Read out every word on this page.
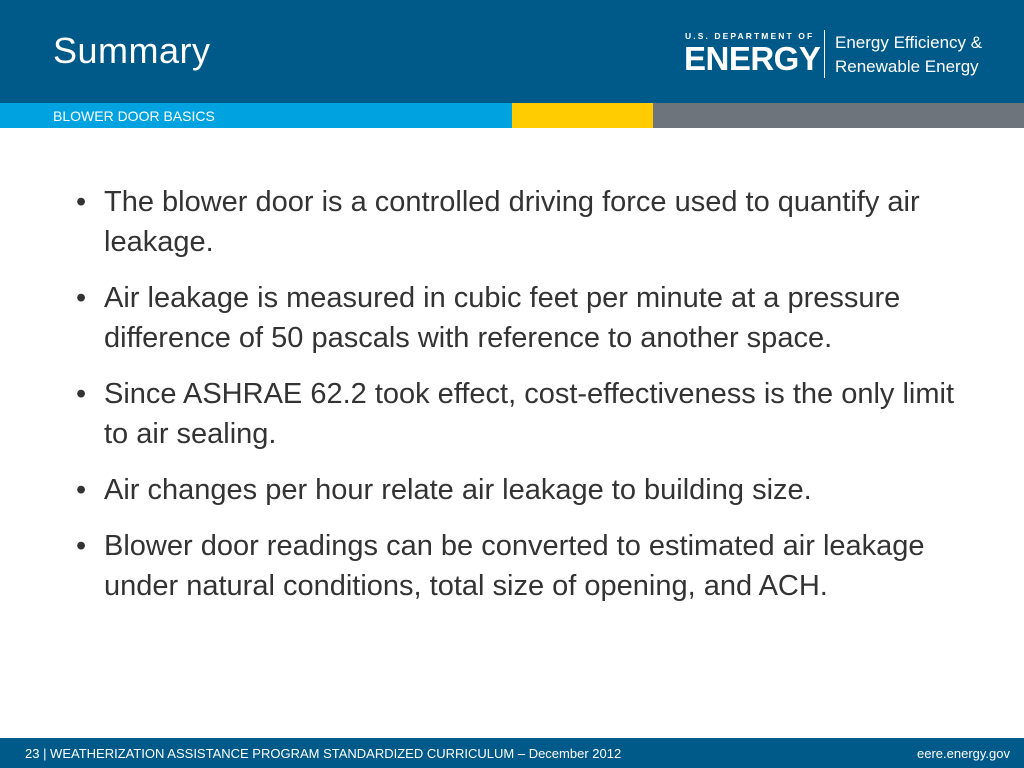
Summary	U.S. DEPARTMENT OF
ENERGY Energy Efficiency &
Renewable Energy
BLOWER DOOR BASICS
• The blower door is a controlled driving force used to quantify air leakage.
• Air leakage is measured in cubic feet per minute at a pressure difference of 50 pascals with reference to another space.
• Since ASHRAE 62.2 took effect, cost-effectiveness is the only limit to air sealing.
• Air changes per hour relate air leakage to building size.
• Blower door readings can be converted to estimated air leakage under natural conditions, total size of opening, and ACH.
23 | WEATHERIZATION ASSISTANCE PROGRAM STANDARDIZED CURRICULUM – December 2012	eere.energy.gov
